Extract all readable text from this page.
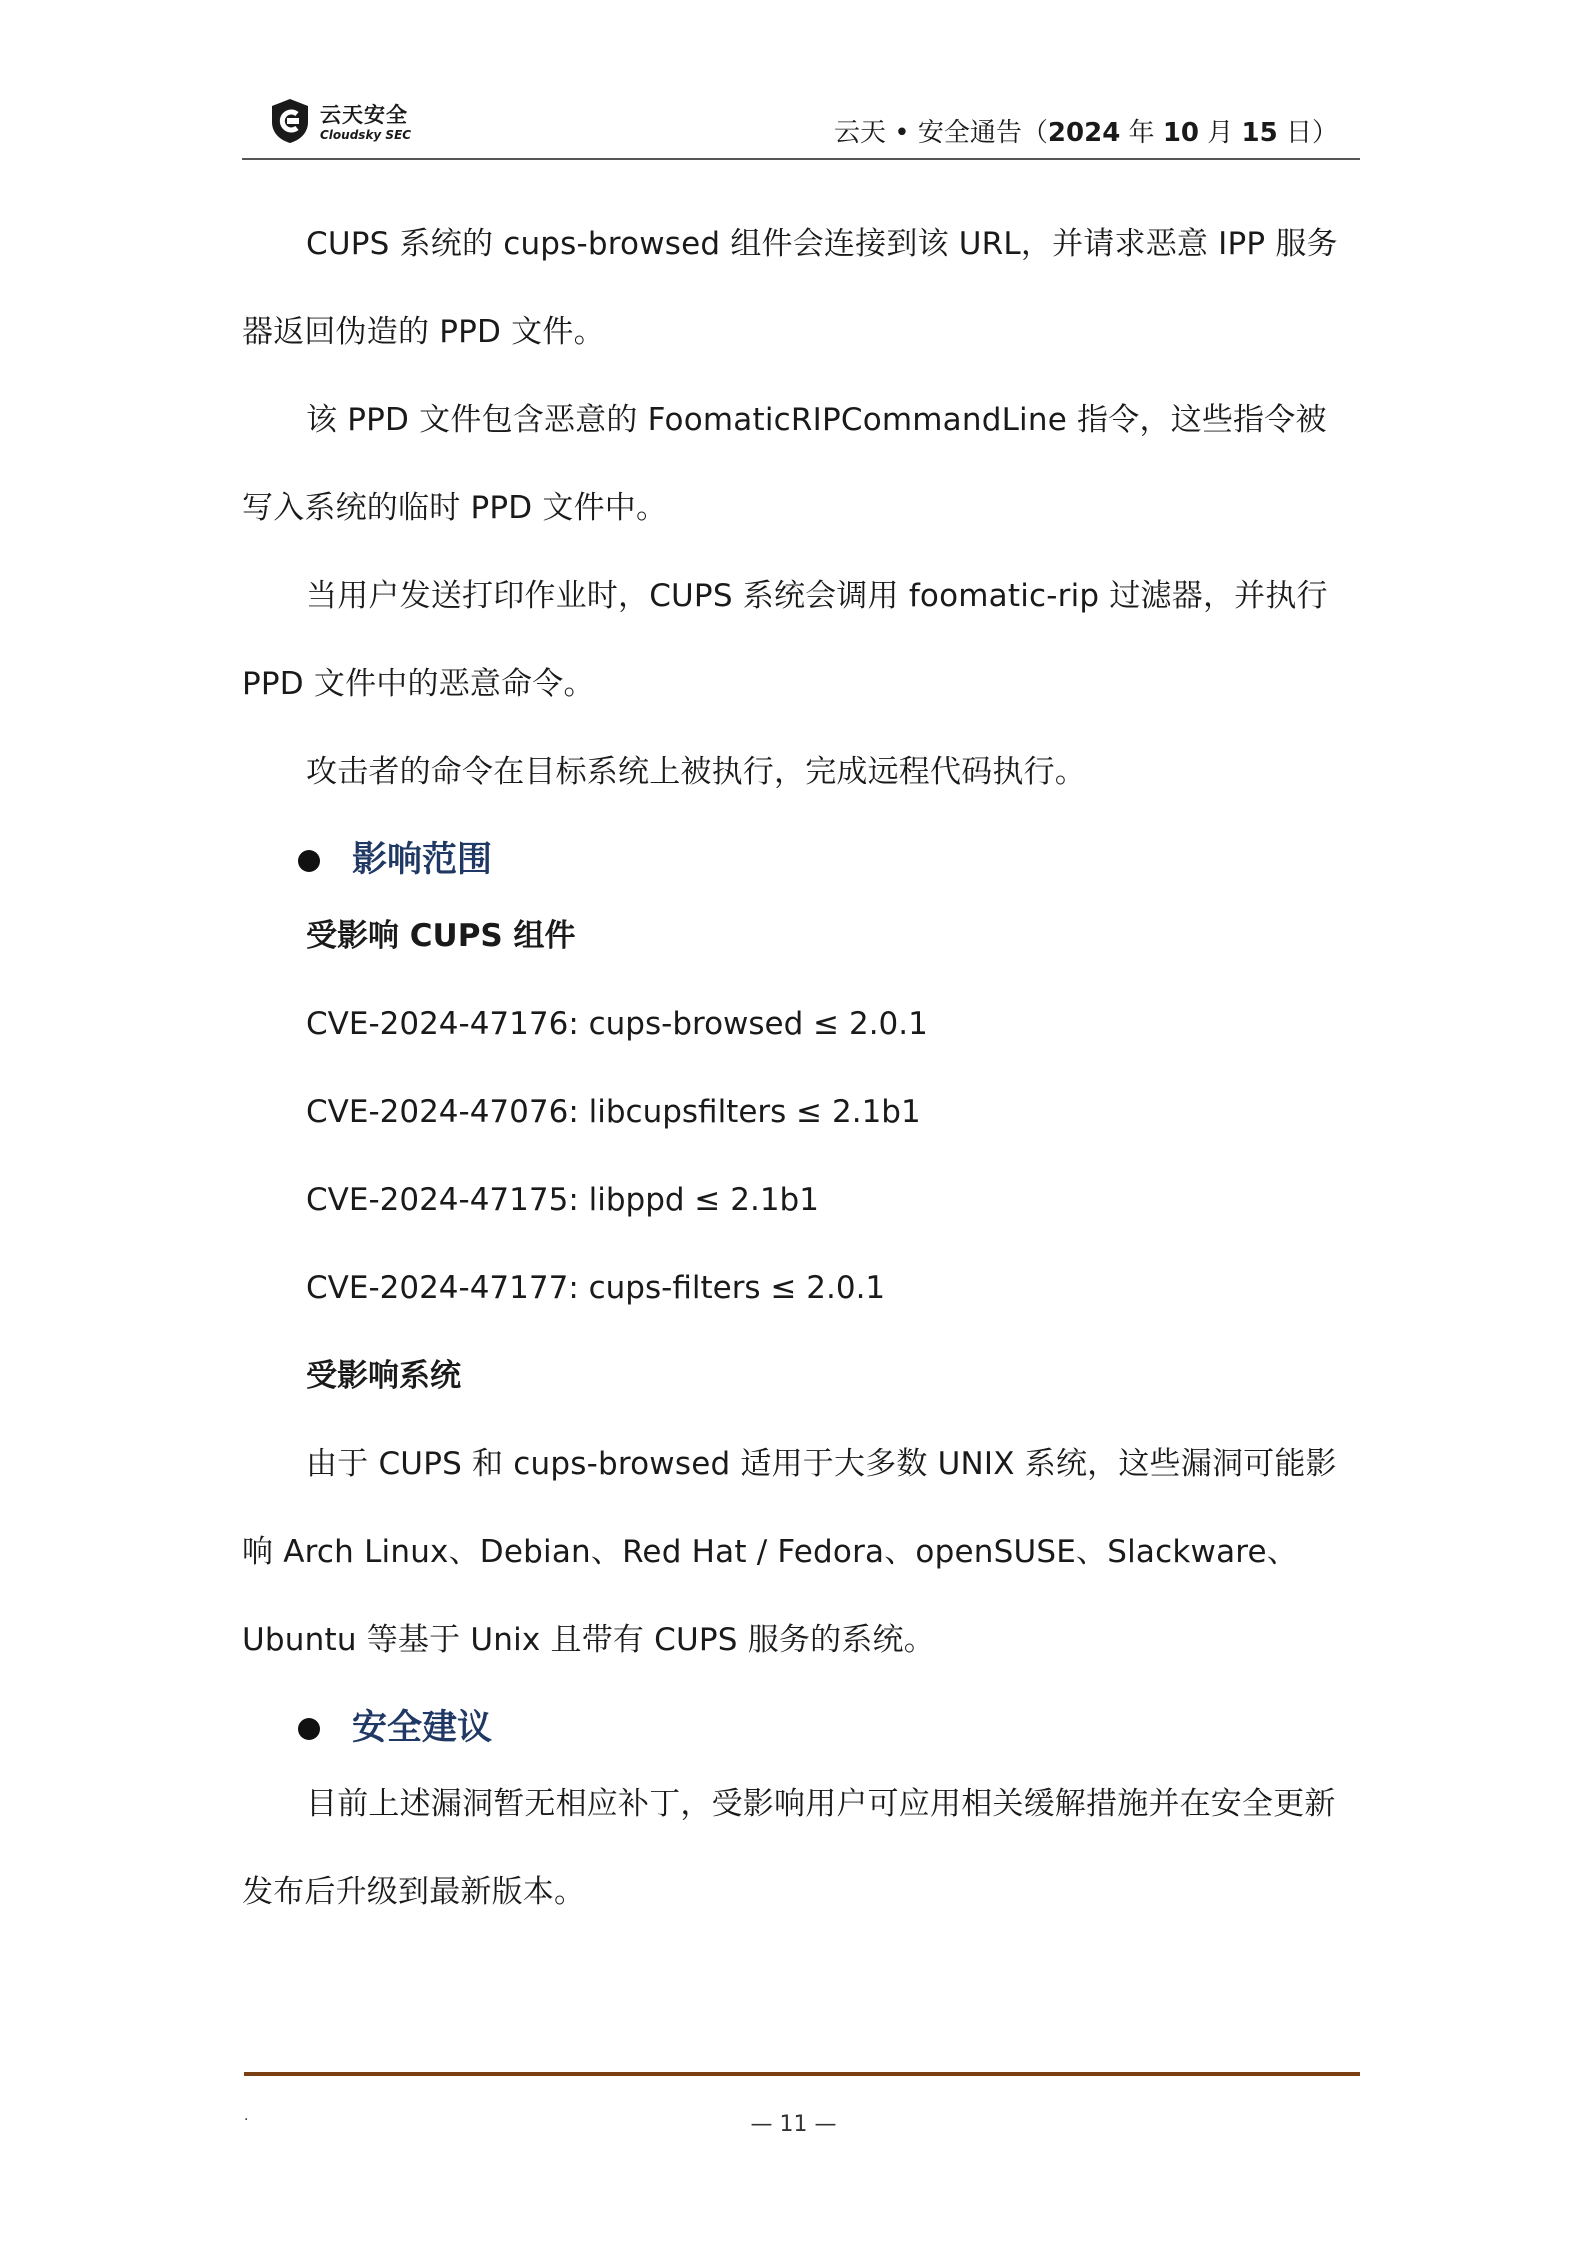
云天安全
Cloudsky SEC	云天 • 安全通告（2024 年 10 月 15 日）

CUPS 系统的 cups-browsed 组件会连接到该 URL，并请求恶意 IPP 服务器返回伪造的 PPD 文件。

该 PPD 文件包含恶意的 FoomaticRIPCommandLine 指令，这些指令被写入系统的临时 PPD 文件中。

当用户发送打印作业时，CUPS 系统会调用 foomatic-rip 过滤器，并执行 PPD 文件中的恶意命令。

攻击者的命令在目标系统上被执行，完成远程代码执行。

影响范围

受影响 CUPS 组件

CVE-2024-47176: cups-browsed ≤ 2.0.1

CVE-2024-47076: libcupsfilters ≤ 2.1b1

CVE-2024-47175: libppd ≤ 2.1b1

CVE-2024-47177: cups-filters ≤ 2.0.1

受影响系统

由于 CUPS 和 cups-browsed 适用于大多数 UNIX 系统，这些漏洞可能影响 Arch Linux、Debian、Red Hat / Fedora、openSUSE、Slackware、Ubuntu 等基于 Unix 且带有 CUPS 服务的系统。

安全建议

目前上述漏洞暂无相应补丁，受影响用户可应用相关缓解措施并在安全更新发布后升级到最新版本。

.	— 11 —
